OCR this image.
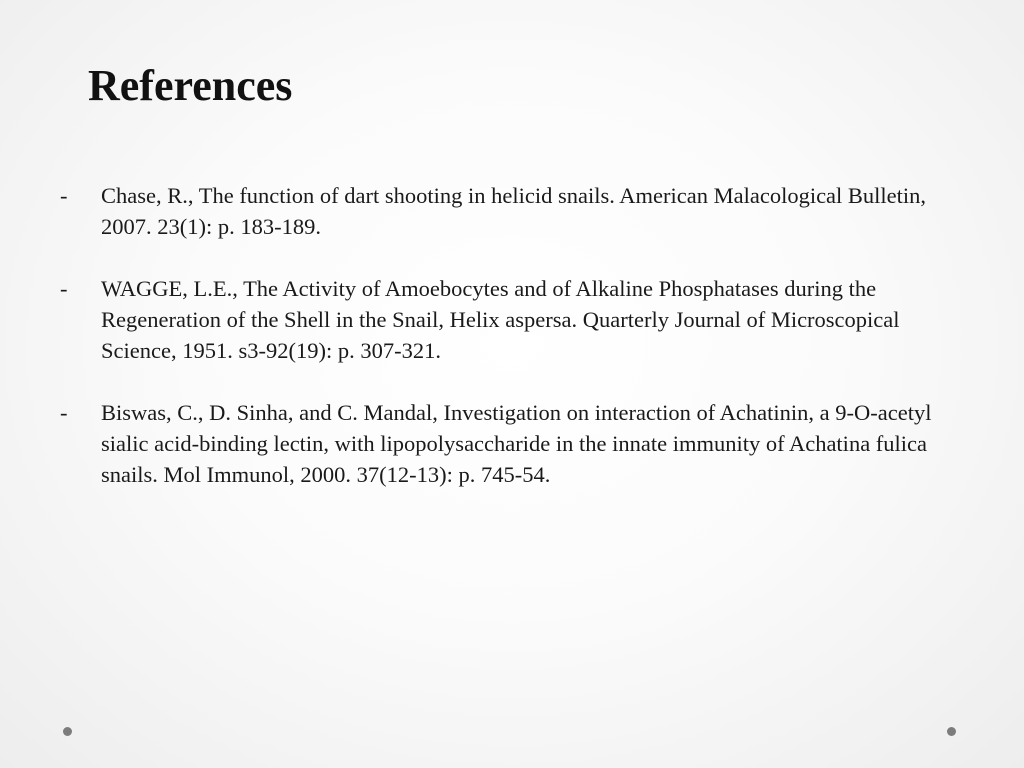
References
- Chase, R., The function of dart shooting in helicid snails. American Malacological Bulletin, 2007. 23(1): p. 183-189.
- WAGGE, L.E., The Activity of Amoebocytes and of Alkaline Phosphatases during the Regeneration of the Shell in the Snail, Helix aspersa. Quarterly Journal of Microscopical Science, 1951. s3-92(19): p. 307-321.
- Biswas, C., D. Sinha, and C. Mandal, Investigation on interaction of Achatinin, a 9-O-acetyl sialic acid-binding lectin, with lipopolysaccharide in the innate immunity of Achatina fulica snails. Mol Immunol, 2000. 37(12-13): p. 745-54.
